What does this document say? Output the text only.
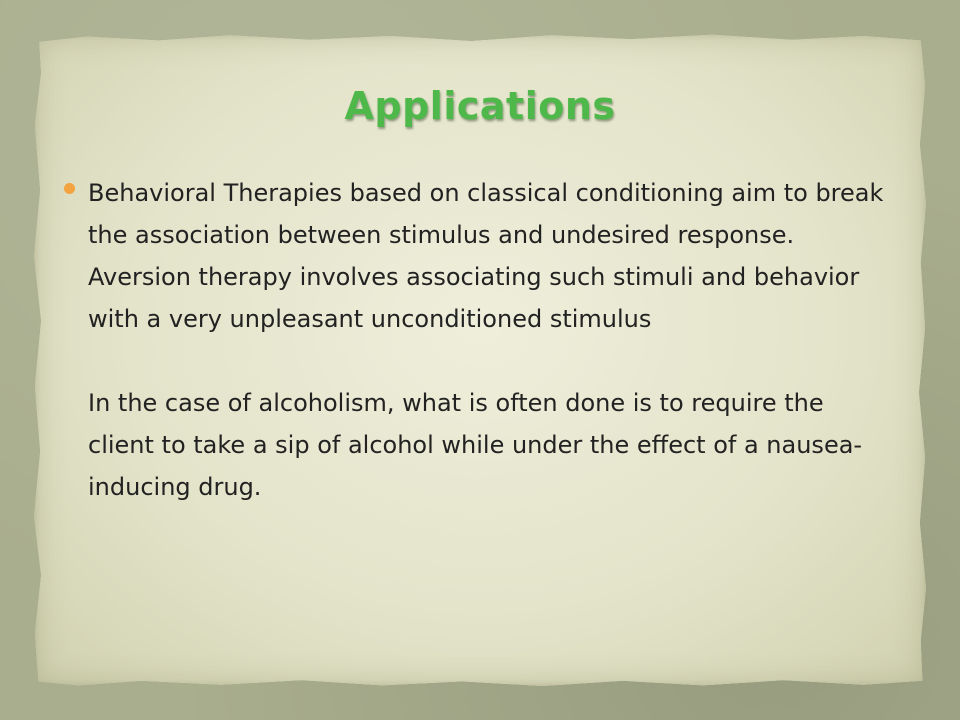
Applications

Behavioral Therapies based on classical conditioning aim to break the association between stimulus and undesired response. Aversion therapy involves associating such stimuli and behavior with a very unpleasant unconditioned stimulus

In the case of alcoholism, what is often done is to require the client to take a sip of alcohol while under the effect of a nausea-inducing drug.
